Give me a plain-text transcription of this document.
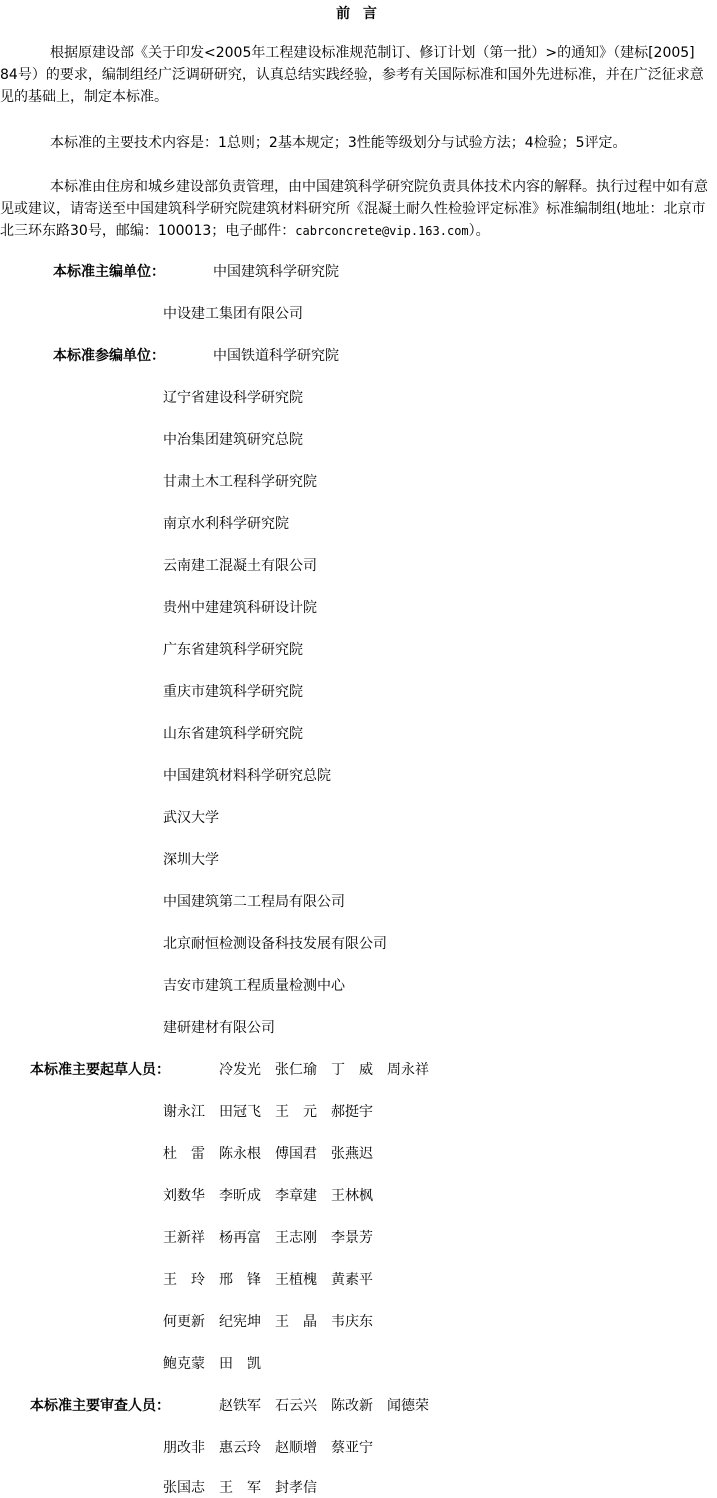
前 言

根据原建设部《关于印发<2005年工程建设标准规范制订、修订计划（第一批）>的通知》（建标[2005] 84号）的要求，编制组经广泛调研研究，认真总结实践经验，参考有关国际标准和国外先进标准，并在广泛征求意见的基础上，制定本标准。

本标准的主要技术内容是：1总则；2基本规定；3性能等级划分与试验方法；4检验；5评定。

本标准由住房和城乡建设部负责管理，由中国建筑科学研究院负责具体技术内容的解释。执行过程中如有意见或建议，请寄送至中国建筑科学研究院建筑材料研究所《混凝土耐久性检验评定标准》标准编制组(地址：北京市北三环东路30号，邮编：100013；电子邮件：cabrconcrete@vip.163.com）。

本标准主编单位：	中国建筑科学研究院
中设建工集团有限公司
本标准参编单位：	中国铁道科学研究院
辽宁省建设科学研究院
中冶集团建筑研究总院
甘肃土木工程科学研究院
南京水利科学研究院
云南建工混凝土有限公司
贵州中建建筑科研设计院
广东省建筑科学研究院
重庆市建筑科学研究院
山东省建筑科学研究院
中国建筑材料科学研究总院
武汉大学
深圳大学
中国建筑第二工程局有限公司
北京耐恒检测设备科技发展有限公司
吉安市建筑工程质量检测中心
建研建材有限公司
本标准主要起草人员：	冷发光	张仁瑜	丁　威	周永祥
谢永江	田冠飞	王　元	郝挺宇
杜　雷	陈永根	傅国君	张燕迟
刘数华	李昕成	李章建	王林枫
王新祥	杨再富	王志刚	李景芳
王　玲	邢　锋	王植槐	黄素平
何更新	纪宪坤	王　晶	韦庆东
鲍克蒙	田　凯
本标准主要审查人员：	赵铁军	石云兴	陈改新	闻德荣
朋改非	惠云玲	赵顺增	蔡亚宁
张国志	王　军	封孝信
